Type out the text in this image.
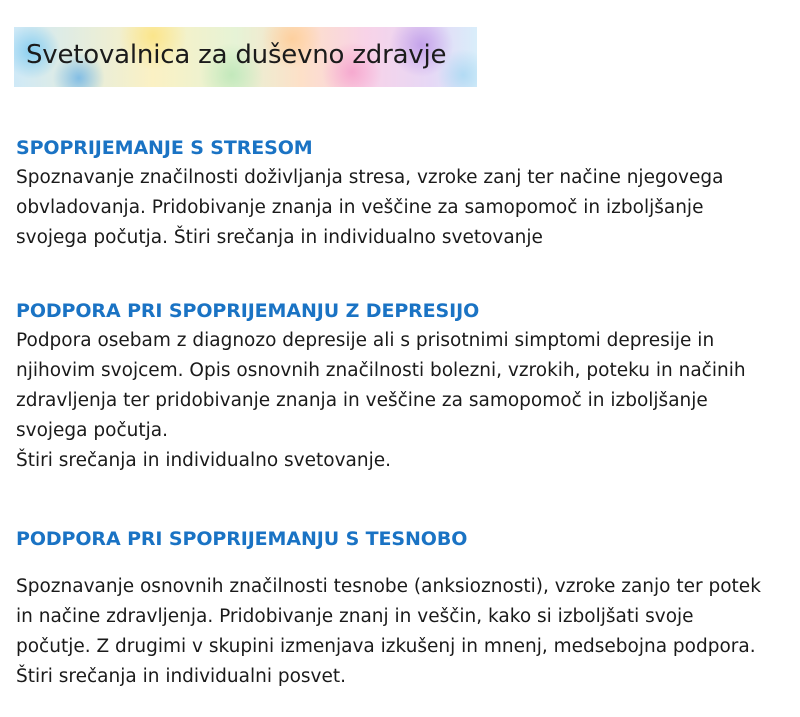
Svetovalnica za duševno zdravje
SPOPRIJEMANJE S STRESOM

Spoznavanje značilnosti doživljanja stresa, vzroke zanj ter načine njegovega obvladovanja. Pridobivanje znanja in veščine za samopomoč in izboljšanje svojega počutja. Štiri srečanja in individualno svetovanje

PODPORA PRI SPOPRIJEMANJU Z DEPRESIJO

Podpora osebam z diagnozo depresije ali s prisotnimi simptomi depresije in njihovim svojcem. Opis osnovnih značilnosti bolezni, vzrokih, poteku in načinih zdravljenja ter pridobivanje znanja in veščine za samopomoč in izboljšanje svojega počutja.

Štiri srečanja in individualno svetovanje.

PODPORA PRI SPOPRIJEMANJU S TESNOBO

Spoznavanje osnovnih značilnosti tesnobe (anksioznosti), vzroke zanjo ter potek in načine zdravljenja. Pridobivanje znanj in veščin, kako si izboljšati svoje počutje. Z drugimi v skupini izmenjava izkušenj in mnenj, medsebojna podpora. Štiri srečanja in individualni posvet.
